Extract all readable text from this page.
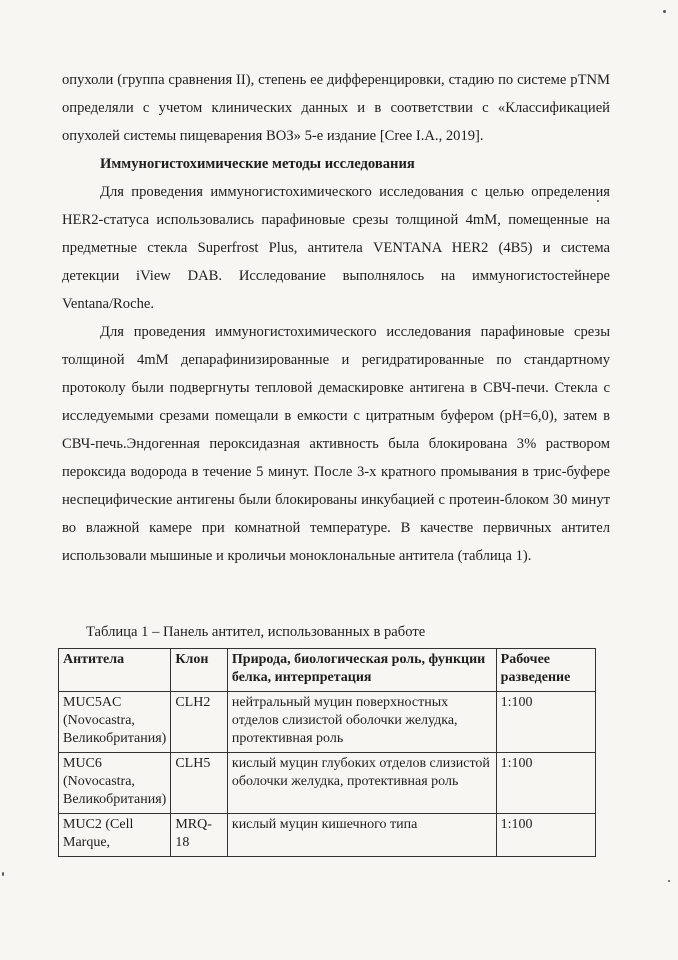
опухоли (группа сравнения II), степень ее дифференцировки, стадию по системе pTNM определяли с учетом клинических данных и в соответствии с «Классификацией опухолей системы пищеварения ВОЗ» 5-е издание [Cree I.A., 2019].

Иммуногистохимические методы исследования

Для проведения иммуногистохимического исследования с целью определения HER2-статуса использовались парафиновые срезы толщиной 4mM, помещенные на предметные стекла Superfrost Plus, антитела VENTANA HER2 (4B5) и система детекции iView DAB. Исследование выполнялось на иммуногистостейнере Ventana/Roche.

Для проведения иммуногистохимического исследования парафиновые срезы толщиной 4mM депарафинизированные и регидратированные по стандартному протоколу были подвергнуты тепловой демаскировке антигена в СВЧ-печи. Стекла с исследуемыми срезами помещали в емкости с цитратным буфером (pH=6,0), затем в СВЧ-печь.Эндогенная пероксидазная активность была блокирована 3% раствором пероксида водорода в течение 5 минут. После 3-х кратного промывания в трис-буфере неспецифические антигены были блокированы инкубацией с протеин-блоком 30 минут во влажной камере при комнатной температуре. В качестве первичных антител использовали мышиные и кроличьи моноклональные антитела (таблица 1).

Таблица 1 – Панель антител, использованных в работе
Антитела	Клон	Природа, биологическая роль, функции белка, интерпретация	Рабочее разведение
MUC5AC (Novocastra, Великобритания)	CLH2	нейтральный муцин поверхностных отделов слизистой оболочки желудка, протективная роль	1:100
MUC6 (Novocastra, Великобритания)	CLH5	кислый муцин глубоких отделов слизистой оболочки желудка, протективная роль	1:100
MUC2 (Cell Marque,	MRQ-18	кислый муцин кишечного типа	1:100
